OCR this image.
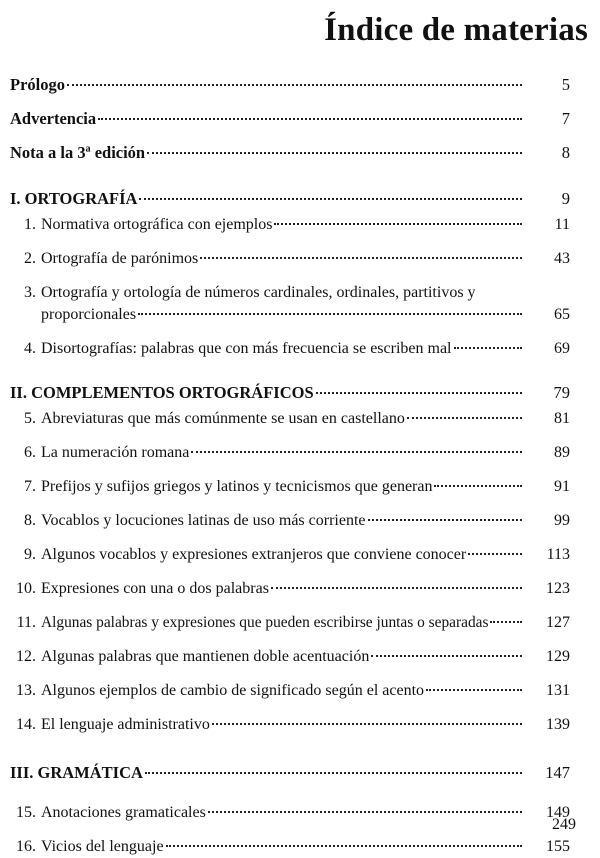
Índice de materias
Prólogo	5
Advertencia	7
Nota a la 3ª edición	8
I. ORTOGRAFÍA	9
1. Normativa ortográfica con ejemplos	11
2. Ortografía de parónimos	43
3. Ortografía y ortología de números cardinales, ordinales, partitivos y
proporcionales	65
4. Disortografías: palabras que con más frecuencia se escriben mal	69
II. COMPLEMENTOS ORTOGRÁFICOS	79
5. Abreviaturas que más comúnmente se usan en castellano	81
6. La numeración romana	89
7. Prefijos y sufijos griegos y latinos y tecnicismos que generan	91
8. Vocablos y locuciones latinas de uso más corriente	99
9. Algunos vocablos y expresiones extranjeros que conviene conocer	113
10. Expresiones con una o dos palabras	123
11. Algunas palabras y expresiones que pueden escribirse juntas o separadas	127
12. Algunas palabras que mantienen doble acentuación	129
13. Algunos ejemplos de cambio de significado según el acento	131
14. El lenguaje administrativo	139
III. GRAMÁTICA	147
15. Anotaciones gramaticales	149
16. Vicios del lenguaje	155
249
